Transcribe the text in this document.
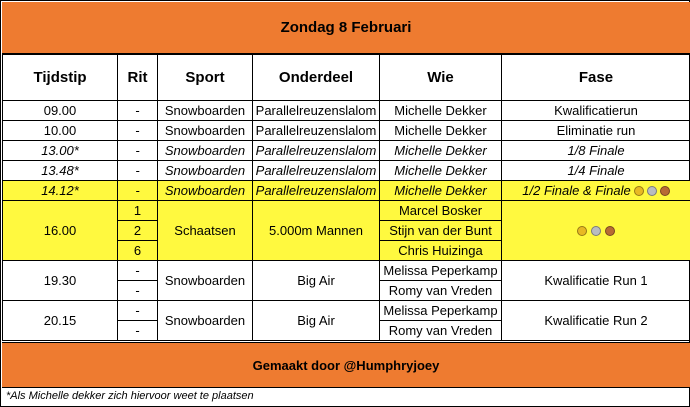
Zondag 8 Februari
Tijdstip	Rit	Sport	Onderdeel	Wie	Fase
09.00	-	Snowboarden	Parallelreuzenslalom	Michelle Dekker	Kwalificatierun
10.00	-	Snowboarden	Parallelreuzenslalom	Michelle Dekker	Eliminatie run
13.00*	-	Snowboarden	Parallelreuzenslalom	Michelle Dekker	1/8 Finale
13.48*	-	Snowboarden	Parallelreuzenslalom	Michelle Dekker	1/4 Finale
14.12*	-	Snowboarden	Parallelreuzenslalom	Michelle Dekker	1/2 Finale & Finale
16.00	1	Schaatsen	5.000m Mannen	Marcel Bosker	
	2			Stijn van der Bunt	
	6			Chris Huizinga	
19.30	-	Snowboarden	Big Air	Melissa Peperkamp	Kwalificatie Run 1
	-			Romy van Vreden	
20.15	-	Snowboarden	Big Air	Melissa Peperkamp	Kwalificatie Run 2
	-			Romy van Vreden	
Gemaakt door @Humphryjoey
*Als Michelle dekker zich hiervoor weet te plaatsen
